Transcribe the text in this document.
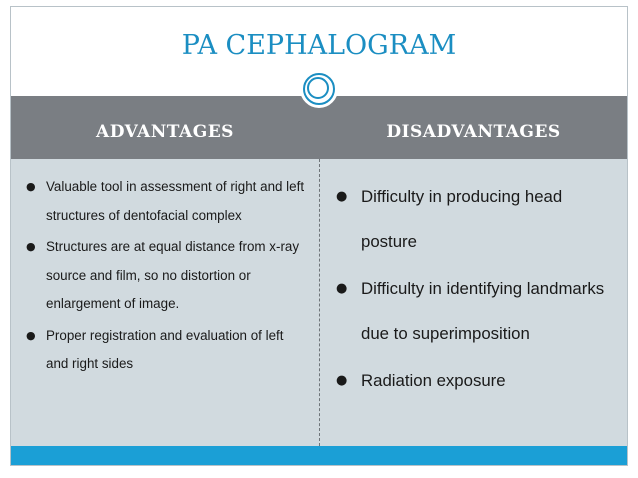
PA CEPHALOGRAM
ADVANTAGES	DISADVANTAGES
● Valuable tool in assessment of right and left structures of dentofacial complex
● Structures are at equal distance from x-ray source and film, so no distortion or enlargement of image.
● Proper registration and evaluation of left and right sides
● Difficulty in producing head posture
● Difficulty in identifying landmarks due to superimposition
● Radiation exposure
